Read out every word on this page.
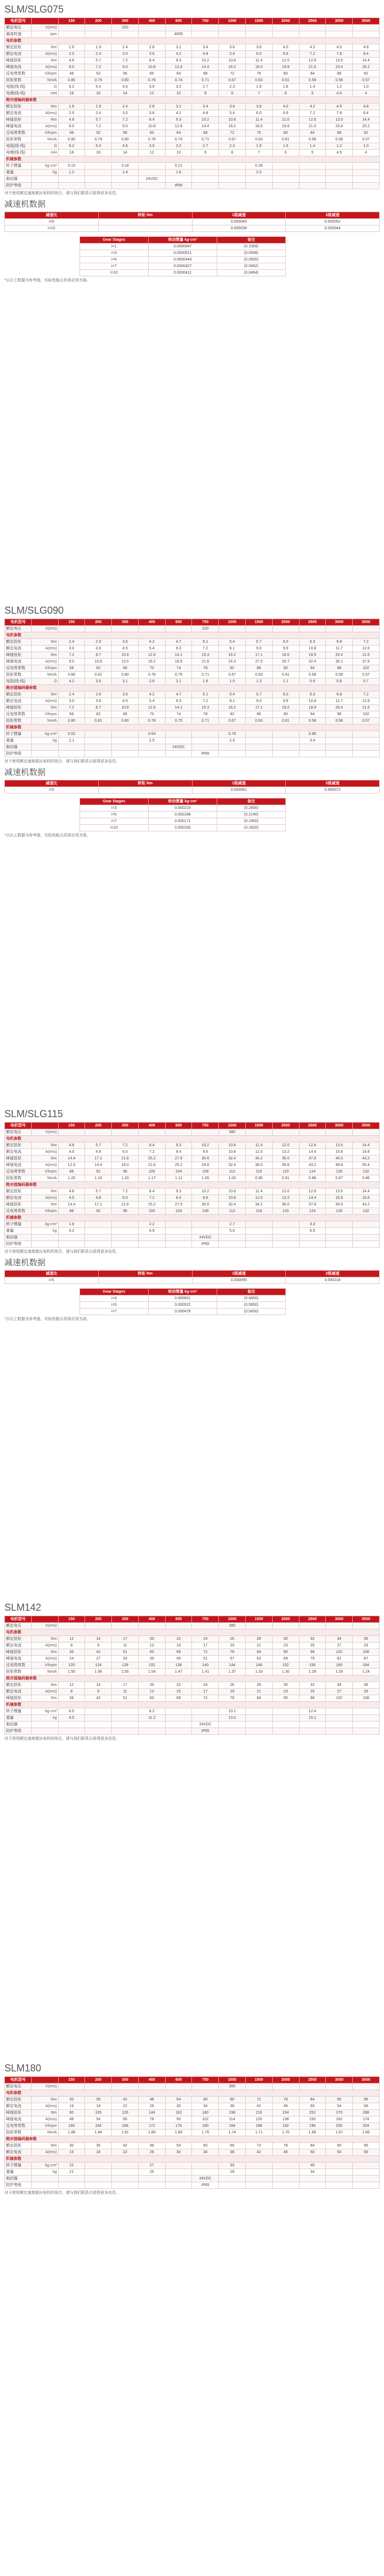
SLM/SLG075
电机型号		150	200	300	400	600	750	1000	1500	2000	2500	3000	3500
额定电压	V(rms)			220									
最高转速	rpm					4000							
电机参数													
额定扭矩	Nm	1.6	1.9	2.4	2.8	3.1	3.4	3.6	3.8	4.0	4.2	4.5	4.8
额定电流	A(rms)	2.0	2.4	3.0	3.6	4.2	4.8	5.4	6.0	6.6	7.2	7.8	8.4
峰值扭矩	Nm	4.8	5.7	7.2	8.4	9.3	10.2	10.8	11.4	12.0	12.6	13.5	14.4
峰值电流	A(rms)	6.0	7.2	9.0	10.8	12.6	14.4	16.2	18.0	19.8	21.6	23.4	25.2
反电势常数	V/krpm	48	52	56	60	64	68	72	76	80	84	88	92
扭矩常数	Nm/A	0.80	0.79	0.80	0.78	0.74	0.71	0.67	0.63	0.61	0.58	0.58	0.57
电阻(线-线)	Ω	6.2	5.4	4.6	3.9	3.2	2.7	2.3	1.9	1.6	1.4	1.2	1.0
电感(线-线)	mH	18	16	14	12	10	9	8	7	6	5	4.5	4
绝对值编码器参数													
额定扭矩	Nm	1.6	1.9	2.4	2.8	3.1	3.4	3.6	3.8	4.0	4.2	4.5	4.8
额定电流	A(rms)	2.0	2.4	3.0	3.6	4.2	4.8	5.4	6.0	6.6	7.2	7.8	8.4
峰值扭矩	Nm	4.8	5.7	7.2	8.4	9.3	10.2	10.8	11.4	12.0	12.6	13.5	14.4
峰值电流	A(rms)	6.0	7.2	9.0	10.8	12.6	14.4	16.2	18.0	19.8	21.6	23.4	25.2
反电势常数	V/krpm	48	52	56	60	64	68	72	76	80	84	88	92
扭矩常数	Nm/A	0.80	0.79	0.80	0.78	0.74	0.71	0.67	0.63	0.61	0.58	0.58	0.57
电阻(线-线)	Ω	6.2	5.4	4.6	3.9	3.2	2.7	2.3	1.9	1.6	1.4	1.2	1.0
电感(线-线)	mH	18	16	14	12	10	9	8	7	6	5	4.5	4
机械参数													
转子惯量	kg·cm²	0.15		0.18		0.21			0.26				
重量	kg	1.2		1.4		1.6			2.0				
制动器					24VDC								
防护等级						IP65							
对于使用额定速度超出电机的场合，请与我们联系以获得更多信息。
减速机数据
减速比	转矩 Nm	1级减速	2级减速
i=5		0.000045	0.000052
i=10		0.000038	0.000044
Gear Stages	转动惯量 kg·cm²	备注
i=1	0.0000947	(0.1069)
i=3	0.0000521	(0.0588)
i=5	0.0000443	(0.0500)
i=7	0.0000427	(0.0482)
i=10	0.0000411	(0.0464)
*以以上数据为参考值，实际性能以具体应用为准。
SLM/SLG090
电机型号		150	200	300	400	600	750	1000	1500	2000	2500	3000	3500
额定电压	V(rms)						220						
电机参数													
额定扭矩	Nm	2.4	2.9	3.6	4.2	4.7	5.1	5.4	5.7	6.0	6.3	6.8	7.2
额定电流	A(rms)	3.0	3.6	4.5	5.4	6.3	7.2	8.1	9.0	9.9	10.8	11.7	12.6
峰值扭矩	Nm	7.2	8.7	10.8	12.6	14.1	15.3	16.2	17.1	18.0	18.9	20.4	21.6
峰值电流	A(rms)	9.0	10.8	13.5	16.2	18.9	21.6	24.3	27.0	29.7	32.4	35.1	37.8
反电势常数	V/krpm	58	62	66	70	74	78	82	86	90	94	98	102
扭矩常数	Nm/A	0.80	0.81	0.80	0.78	0.75	0.71	0.67	0.63	0.61	0.58	0.58	0.57
电阻(线-线)	Ω	4.2	3.6	3.1	2.6	2.1	1.8	1.5	1.3	1.1	0.9	0.8	0.7
绝对值编码器参数													
额定扭矩	Nm	2.4	2.9	3.6	4.2	4.7	5.1	5.4	5.7	6.0	6.3	6.8	7.2
额定电流	A(rms)	3.0	3.6	4.5	5.4	6.3	7.2	8.1	9.0	9.9	10.8	11.7	12.6
峰值扭矩	Nm	7.2	8.7	10.8	12.6	14.1	15.3	16.2	17.1	18.0	18.9	20.4	21.6
反电势常数	V/krpm	58	62	66	70	74	78	82	86	90	94	98	102
扭矩常数	Nm/A	0.80	0.81	0.80	0.78	0.75	0.71	0.67	0.63	0.61	0.58	0.58	0.57
机械参数													
转子惯量	kg·cm²	0.52			0.64			0.78			0.96		
重量	kg	2.1			2.5			2.9			3.4		
制动器						24VDC							
防护等级							IP65						
对于使用额定速度超出电机的场合，请与我们联系以获得更多信息。
减速机数据
减速比	转矩 Nm	1级减速	2级减速
i=5		0.000061	0.000072
Gear Stages	转动惯量 kg·cm²	备注
i=3	0.000210	(0.2400)
i=5	0.000188	(0.2140)
i=7	0.000171	(0.1950)
i=10	0.000160	(0.1820)
*以以上数据为参考值，实际性能以具体应用为准。
SLM/SLG115
电机型号		150	200	300	400	600	750	1000	1500	2000	2500	3000	3500
额定电压	V(rms)							380					
电机参数													
额定扭矩	Nm	4.8	5.7	7.2	8.4	9.3	10.2	10.8	11.4	12.0	12.6	13.5	14.4
额定电流	A(rms)	4.0	4.8	6.0	7.2	8.4	9.6	10.8	12.0	13.2	14.4	15.6	16.8
峰值扭矩	Nm	14.4	17.1	21.6	25.2	27.9	30.6	32.4	34.2	36.0	37.8	40.5	43.2
峰值电流	A(rms)	12.0	14.4	18.0	21.6	25.2	28.8	32.4	36.0	39.6	43.2	46.8	50.4
反电势常数	V/krpm	88	92	96	100	104	108	112	116	120	124	128	132
扭矩常数	Nm/A	1.20	1.19	1.20	1.17	1.11	1.06	1.00	0.95	0.91	0.88	0.87	0.86
绝对值编码器参数													
额定扭矩	Nm	4.8	5.7	7.2	8.4	9.3	10.2	10.8	11.4	12.0	12.6	13.5	14.4
额定电流	A(rms)	4.0	4.8	6.0	7.2	8.4	9.6	10.8	12.0	13.2	14.4	15.6	16.8
峰值扭矩	Nm	14.4	17.1	21.6	25.2	27.9	30.6	32.4	34.2	36.0	37.8	40.5	43.2
反电势常数	V/krpm	88	92	96	100	104	108	112	116	120	124	128	132
机械参数													
转子惯量	kg·cm²	1.8			2.2			2.7			3.3		
重量	kg	4.2			4.9			5.6			6.5		
制动器							24VDC						
防护等级							IP65						
对于使用额定速度超出电机的场合，请与我们联系以获得更多信息。
减速机数据
减速比	转矩 Nm	1级减速	2级减速
i=5		0.000095	0.000118
Gear Stages	转动惯量 kg·cm²	备注
i=3	0.000601	(0.6850)
i=5	0.000522	(0.5950)
i=7	0.000478	(0.5450)
*以以上数据为参考值，实际性能以具体应用为准。
SLM142
电机型号		150	200	300	400	600	750	1000	1500	2000	2500	3000	3500
额定电压	V(rms)							380					
电机参数													
额定扭矩	Nm	12	14	17	20	22	24	26	28	30	32	34	36
额定电流	A(rms)	8	9	11	13	15	17	19	21	23	25	27	29
峰值扭矩	Nm	36	42	51	60	66	72	78	84	90	96	102	108
峰值电流	A(rms)	24	27	33	39	45	51	57	63	69	75	81	87
反电势常数	V/krpm	120	124	128	132	136	140	144	148	152	156	160	164
扭矩常数	Nm/A	1.50	1.56	1.55	1.54	1.47	1.41	1.37	1.33	1.30	1.28	1.26	1.24
绝对值编码器参数													
额定扭矩	Nm	12	14	17	20	22	24	26	28	30	32	34	36
额定电流	A(rms)	8	9	11	13	15	17	19	21	23	25	27	29
峰值扭矩	Nm	36	42	51	60	66	72	78	84	90	96	102	108
机械参数													
转子惯量	kg·cm²	6.5			8.2			10.1			12.4		
重量	kg	9.5			11.2			13.0			15.1		
制动器							24VDC						
防护等级							IP65						
对于使用额定速度超出电机的场合，请与我们联系以获得更多信息。
SLM180
电机型号		150	200	300	400	600	750	1000	1500	2000	2500	3000	3500
额定电压	V(rms)							380					
电机参数													
额定扭矩	Nm	30	35	42	48	54	60	66	72	78	84	90	96
额定电流	A(rms)	16	18	22	26	30	34	38	42	46	50	54	58
峰值扭矩	Nm	90	105	126	144	162	180	198	216	234	252	270	288
峰值电流	A(rms)	48	54	66	78	90	102	114	126	138	150	162	174
反电势常数	V/krpm	160	164	168	172	176	180	184	188	192	196	200	204
扭矩常数	Nm/A	1.88	1.94	1.91	1.85	1.80	1.76	1.74	1.71	1.70	1.68	1.67	1.66
绝对值编码器参数													
额定扭矩	Nm	30	35	42	48	54	60	66	72	78	84	90	96
额定电流	A(rms)	16	18	22	26	30	34	38	42	46	50	54	58
机械参数													
转子惯量	kg·cm²	22			27			33			40		
重量	kg	21			25			29			34		
制动器							24VDC						
防护等级							IP65						
对于使用额定速度超出电机的场合，请与我们联系以获得更多信息。
